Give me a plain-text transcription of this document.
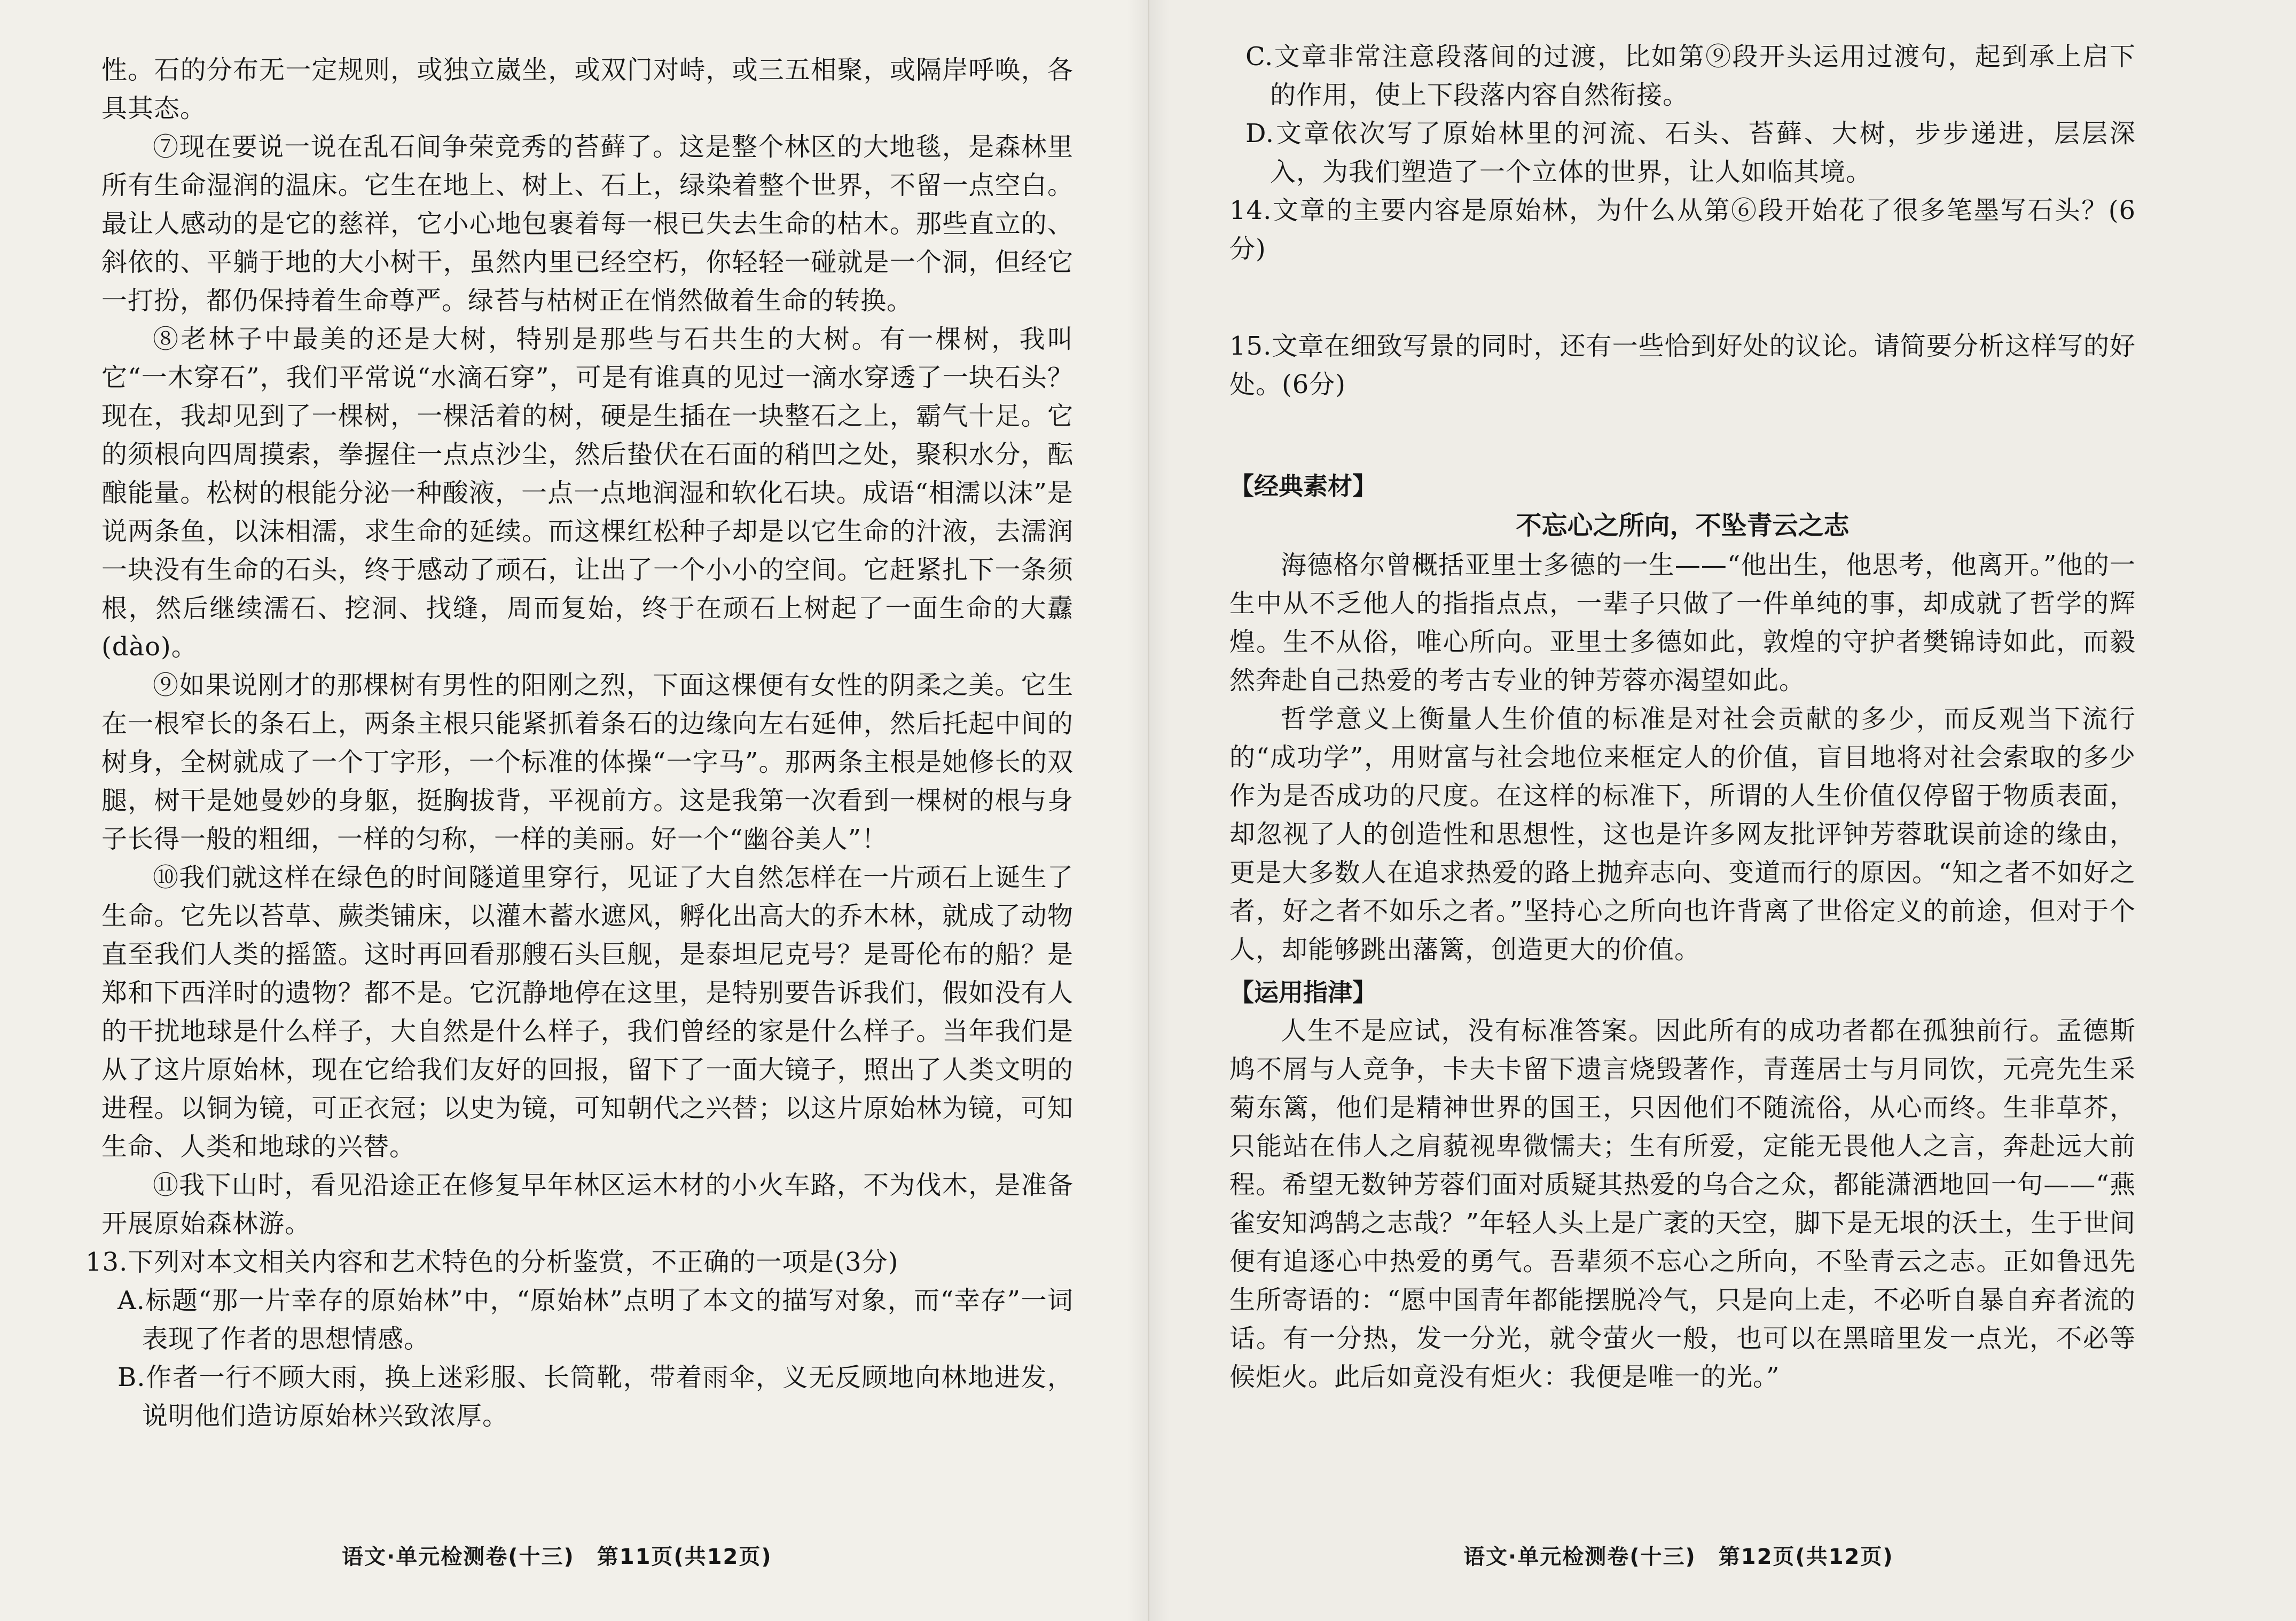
性。石的分布无一定规则，或独立崴坐，或双门对峙，或三五相聚，或隔岸呼唤，各具其态。

⑦现在要说一说在乱石间争荣竞秀的苔藓了。这是整个林区的大地毯，是森林里所有生命湿润的温床。它生在地上、树上、石上，绿染着整个世界，不留一点空白。最让人感动的是它的慈祥，它小心地包裹着每一根已失去生命的枯木。那些直立的、斜依的、平躺于地的大小树干，虽然内里已经空朽，你轻轻一碰就是一个洞，但经它一打扮，都仍保持着生命尊严。绿苔与枯树正在悄然做着生命的转换。

⑧老林子中最美的还是大树，特别是那些与石共生的大树。有一棵树，我叫它“一木穿石”，我们平常说“水滴石穿”，可是有谁真的见过一滴水穿透了一块石头？现在，我却见到了一棵树，一棵活着的树，硬是生插在一块整石之上，霸气十足。它的须根向四周摸索，拳握住一点点沙尘，然后蛰伏在石面的稍凹之处，聚积水分，酝酿能量。松树的根能分泌一种酸液，一点一点地润湿和软化石块。成语“相濡以沫”是说两条鱼，以沫相濡，求生命的延续。而这棵红松种子却是以它生命的汁液，去濡润一块没有生命的石头，终于感动了顽石，让出了一个小小的空间。它赶紧扎下一条须根，然后继续濡石、挖洞、找缝，周而复始，终于在顽石上树起了一面生命的大纛(dào)。

⑨如果说刚才的那棵树有男性的阳刚之烈，下面这棵便有女性的阴柔之美。它生在一根窄长的条石上，两条主根只能紧抓着条石的边缘向左右延伸，然后托起中间的树身，全树就成了一个丁字形，一个标准的体操“一字马”。那两条主根是她修长的双腿，树干是她曼妙的身躯，挺胸拔背，平视前方。这是我第一次看到一棵树的根与身子长得一般的粗细，一样的匀称，一样的美丽。好一个“幽谷美人”！

⑩我们就这样在绿色的时间隧道里穿行，见证了大自然怎样在一片顽石上诞生了生命。它先以苔草、蕨类铺床，以灌木蓄水遮风，孵化出高大的乔木林，就成了动物直至我们人类的摇篮。这时再回看那艘石头巨舰，是泰坦尼克号？是哥伦布的船？是郑和下西洋时的遗物？都不是。它沉静地停在这里，是特别要告诉我们，假如没有人的干扰地球是什么样子，大自然是什么样子，我们曾经的家是什么样子。当年我们是从了这片原始林，现在它给我们友好的回报，留下了一面大镜子，照出了人类文明的进程。以铜为镜，可正衣冠；以史为镜，可知朝代之兴替；以这片原始林为镜，可知生命、人类和地球的兴替。

⑪我下山时，看见沿途正在修复早年林区运木材的小火车路，不为伐木，是准备开展原始森林游。

13.下列对本文相关内容和艺术特色的分析鉴赏，不正确的一项是(3分)

A.标题“那一片幸存的原始林”中，“原始林”点明了本文的描写对象，而“幸存”一词表现了作者的思想情感。

B.作者一行不顾大雨，换上迷彩服、长筒靴，带着雨伞，义无反顾地向林地进发，说明他们造访原始林兴致浓厚。

语文·单元检测卷(十三)　第11页(共12页)

C.文章非常注意段落间的过渡，比如第⑨段开头运用过渡句，起到承上启下的作用，使上下段落内容自然衔接。

D.文章依次写了原始林里的河流、石头、苔藓、大树，步步递进，层层深入，为我们塑造了一个立体的世界，让人如临其境。

14.文章的主要内容是原始林，为什么从第⑥段开始花了很多笔墨写石头？(6分)

15.文章在细致写景的同时，还有一些恰到好处的议论。请简要分析这样写的好处。(6分)

【经典素材】
不忘心之所向，不坠青云之志

海德格尔曾概括亚里士多德的一生——“他出生，他思考，他离开。”他的一生中从不乏他人的指指点点，一辈子只做了一件单纯的事，却成就了哲学的辉煌。生不从俗，唯心所向。亚里士多德如此，敦煌的守护者樊锦诗如此，而毅然奔赴自己热爱的考古专业的钟芳蓉亦渴望如此。

哲学意义上衡量人生价值的标准是对社会贡献的多少，而反观当下流行的“成功学”，用财富与社会地位来框定人的价值，盲目地将对社会索取的多少作为是否成功的尺度。在这样的标准下，所谓的人生价值仅停留于物质表面，却忽视了人的创造性和思想性，这也是许多网友批评钟芳蓉耽误前途的缘由，更是大多数人在追求热爱的路上抛弃志向、变道而行的原因。“知之者不如好之者，好之者不如乐之者。”坚持心之所向也许背离了世俗定义的前途，但对于个人，却能够跳出藩篱，创造更大的价值。

【运用指津】

人生不是应试，没有标准答案。因此所有的成功者都在孤独前行。孟德斯鸠不屑与人竞争，卡夫卡留下遗言烧毁著作，青莲居士与月同饮，元亮先生采菊东篱，他们是精神世界的国王，只因他们不随流俗，从心而终。生非草芥，只能站在伟人之肩藐视卑微懦夫；生有所爱，定能无畏他人之言，奔赴远大前程。希望无数钟芳蓉们面对质疑其热爱的乌合之众，都能潇洒地回一句——“燕雀安知鸿鹄之志哉？”年轻人头上是广袤的天空，脚下是无垠的沃土，生于世间便有追逐心中热爱的勇气。吾辈须不忘心之所向，不坠青云之志。正如鲁迅先生所寄语的：“愿中国青年都能摆脱冷气，只是向上走，不必听自暴自弃者流的话。有一分热，发一分光，就令萤火一般，也可以在黑暗里发一点光，不必等候炬火。此后如竟没有炬火：我便是唯一的光。”

语文·单元检测卷(十三)　第12页(共12页)
